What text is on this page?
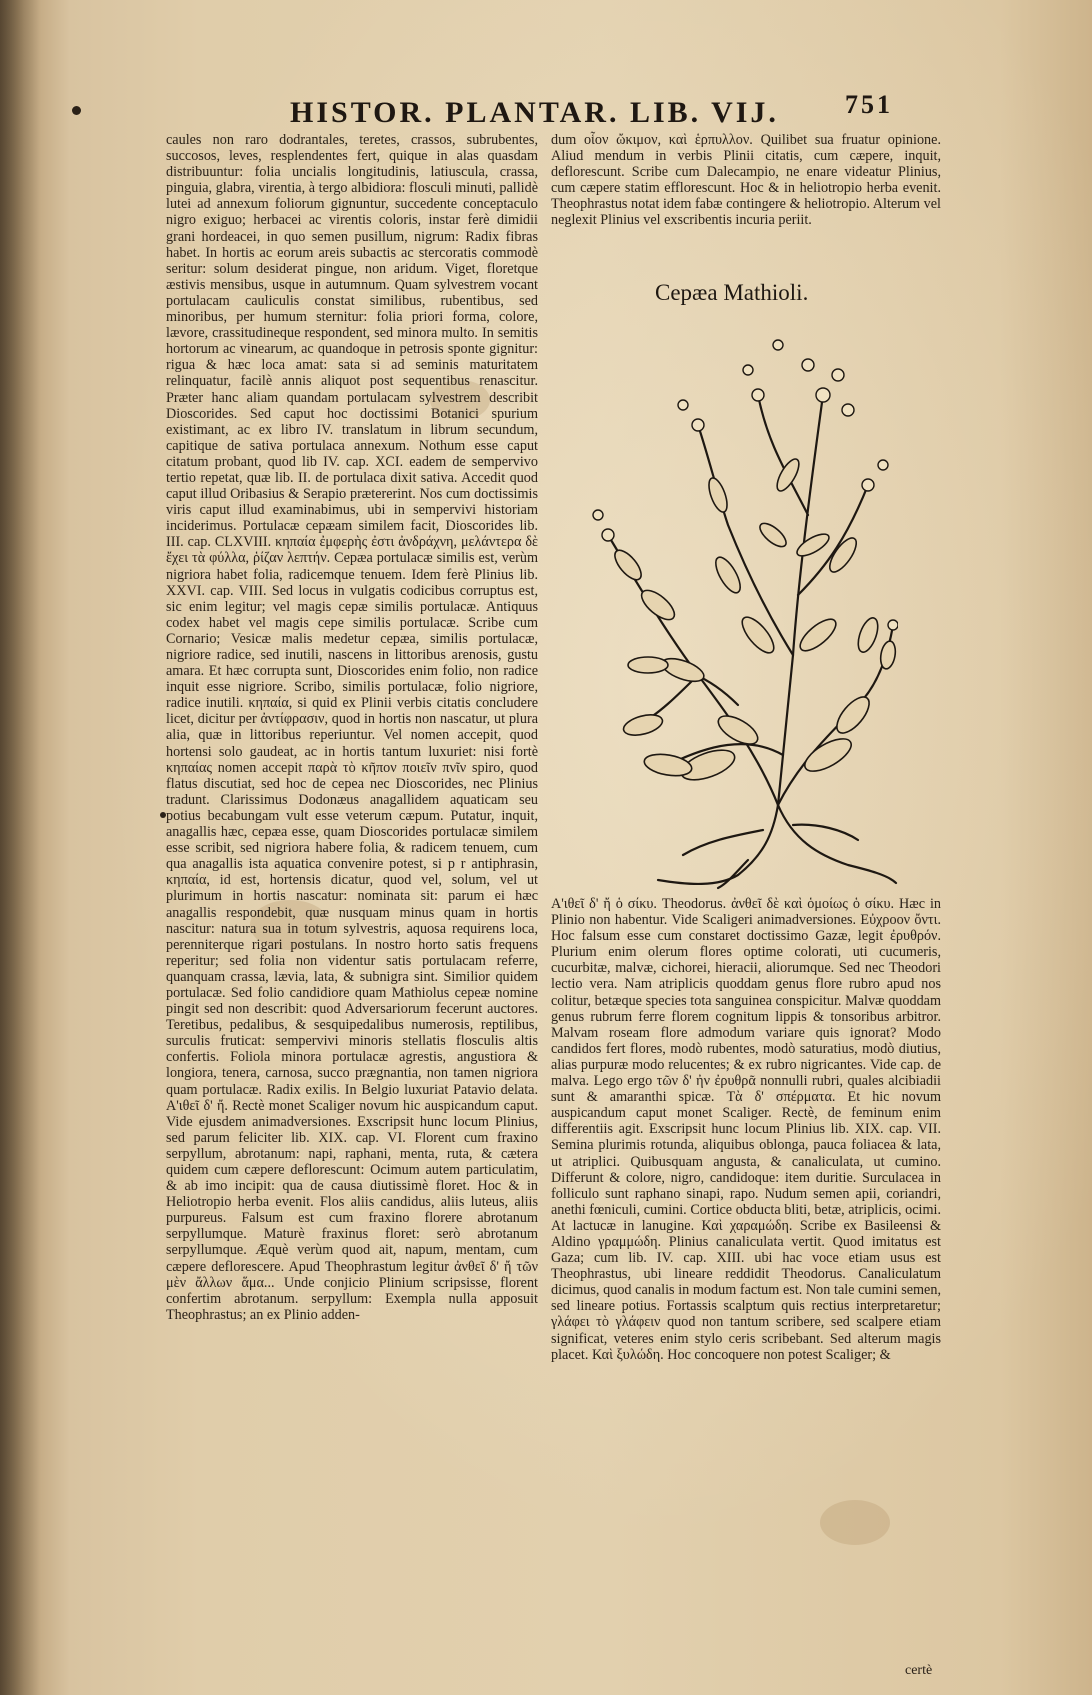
HISTOR. PLANTAR. LIB. VIJ.	751

caules non raro dodrantales, teretes, crassos, subrubentes, succosos, leves, resplendentes fert, quique in alas quasdam distribuuntur: folia uncialis longitudinis, latiuscula, crassa, pinguia, glabra, virentia, à tergo albidiora: flosculi minuti, pallidè lutei ad annexum foliorum gignuntur, succedente conceptaculo nigro exiguo; herbacei ac virentis coloris, instar ferè dimidii grani hordeacei, in quo semen pusillum, nigrum: Radix fibras habet. In hortis ac eorum areis subactis ac stercoratis commodè seritur: solum desiderat pingue, non aridum. Viget, floretque æstivis mensibus, usque in autumnum. Quam sylvestrem vocant portulacam cauliculis constat similibus, rubentibus, sed minoribus, per humum sternitur: folia priori forma, colore, lævore, crassitudineque respondent, sed minora multo. In semitis hortorum ac vinearum, ac quandoque in petrosis sponte gignitur: rigua & hæc loca amat: sata si ad seminis maturitatem relinquatur, facilè annis aliquot post sequentibus renascitur. Præter hanc aliam quandam portulacam sylvestrem describit Dioscorides. Sed caput hoc doctissimi Botanici spurium existimant, ac ex libro IV. translatum in librum secundum, capitique de sativa portulaca annexum. Nothum esse caput citatum probant, quod lib IV. cap. XCI. eadem de sempervivo tertio repetat, quæ lib. II. de portulaca dixit sativa. Accedit quod caput illud Oribasius & Serapio prætererint. Nos cum doctissimis viris caput illud examinabimus, ubi in sempervivi historiam inciderimus. Portulacæ cepæam similem facit, Dioscorides lib. III. cap. CLXVIII. κηπαία ἐμφερὴς ἐστι ἀνδράχνη, μελάντερα δὲ ἔχει τὰ φύλλα, ῥίζαν λεπτήν. Cepæa portulacæ similis est, verùm nigriora habet folia, radicemque tenuem. Idem ferè Plinius lib. XXVI. cap. VIII. Sed locus in vulgatis codicibus corruptus est, sic enim legitur; vel magis cepæ similis portulacæ. Antiquus codex habet vel magis cepe similis portulacæ. Scribe cum Cornario; Vesicæ malis medetur cepæa, similis portulacæ, nigriore radice, sed inutili, nascens in littoribus arenosis, gustu amara. Et hæc corrupta sunt, Dioscorides enim folio, non radice inquit esse nigriore. Scribo, similis portulacæ, folio nigriore, radice inutili. κηπαία, si quid ex Plinii verbis citatis concludere licet, dicitur per ἀντίφρασιν, quod in hortis non nascatur, ut plura alia, quæ in littoribus reperiuntur. Vel nomen accepit, quod hortensi solo gaudeat, ac in hortis tantum luxuriet: nisi fortè κηπαίας nomen accepit παρὰ τὸ κῆπον ποιεῖν πνῖν spiro, quod flatus discutiat, sed hoc de cepea nec Dioscorides, nec Plinius tradunt. Clarissimus Dodonæus anagallidem aquaticam seu potius becabungam vult esse veterum cæpum. Putatur, inquit, anagallis hæc, cepæa esse, quam Dioscorides portulacæ similem esse scribit, sed nigriora habere folia, & radicem tenuem, cum qua anagallis ista aquatica convenire potest, si p r antiphrasin, κηπαία, id est, hortensis dicatur, quod vel, solum, vel ut plurimum in hortis nascatur: nominata sit: parum ei hæc anagallis respondebit, quæ nusquam minus quam in hortis nascitur: natura sua in totum sylvestris, aquosa requirens loca, perenniterque rigari postulans. In nostro horto satis frequens reperitur; sed folia non videntur satis portulacam referre, quanquam crassa, lævia, lata, & subnigra sint. Similior quidem portulacæ. Sed folio candidiore quam Mathiolus cepeæ nomine pingit sed non describit: quod Adversariorum fecerunt auctores. Teretibus, pedalibus, & sesquipedalibus numerosis, reptilibus, surculis fruticat: sempervivi minoris stellatis flosculis altis confertis. Foliola minora portulacæ agrestis, angustiora & longiora, tenera, carnosa, succo prægnantia, non tamen nigriora quam portulacæ. Radix exilis. In Belgio luxuriat Patavio delata. Α'ιθεῖ δ' ἤ. Rectè monet Scaliger novum hic auspicandum caput. Vide ejusdem animadversiones. Exscripsit hunc locum Plinius, sed parum feliciter lib. XIX. cap. VI. Florent cum fraxino serpyllum, abrotanum: napi, raphani, menta, ruta, & cætera quidem cum cæpere deflorescunt: Ocimum autem particulatim, & ab imo incipit: qua de causa diutissimè floret. Hoc & in Heliotropio herba evenit. Flos aliis candidus, aliis luteus, aliis purpureus. Falsum est cum fraxino florere abrotanum serpyllumque. Maturè fraxinus floret: serò abrotanum serpyllumque. Æquè verùm quod ait, napum, mentam, cum cæpere deflorescere. Apud Theophrastum legitur ἀνθεῖ δ' ἤ τῶν μὲν ἄλλων ἅμα... Unde conjicio Plinium scripsisse, florent confertim abrotanum. serpyllum: Exempla nulla apposuit Theophrastus; an ex Plinio adden-

dum οἷον ὤκιμον, καὶ ἑρπυλλον. Quilibet sua fruatur opinione. Aliud mendum in verbis Plinii citatis, cum cæpere, inquit, deflorescunt. Scribe cum Dalecampio, ne enare videatur Plinius, cum cæpere statim efflorescunt. Hoc & in heliotropio herba evenit. Theophrastus notat idem fabæ contingere & heliotropio. Alterum vel neglexit Plinius vel exscribentis incuria periit.

Cepæa Mathioli.

Α'ιθεῖ δ' ἤ ὁ σίκυ. Theodorus. ἀνθεῖ δὲ καὶ ὁμοίως ὁ σίκυ. Hæc in Plinio non habentur. Vide Scaligeri animadversiones. Εὐχροον ὄντι. Hoc falsum esse cum constaret doctissimo Gazæ, legit ἐρυθρόν. Plurium enim olerum flores optime colorati, uti cucumeris, cucurbitæ, malvæ, cichorei, hieracii, aliorumque. Sed nec Theodori lectio vera. Nam atriplicis quoddam genus flore rubro apud nos colitur, betæque species tota sanguinea conspicitur. Malvæ quoddam genus rubrum ferre florem cognitum lippis & tonsoribus arbitror. Malvam roseam flore admodum variare quis ignorat? Modo candidos fert flores, modò rubentes, modò saturatius, modò diutius, alias purpuræ modo relucentes; & ex rubro nigricantes. Vide cap. de malva. Lego ergo τῶν δ' ἠν ἐρυθρᾶ nonnulli rubri, quales alcibiadii sunt & amaranthi spicæ. Τὰ δ' σπέρματα. Et hic novum auspicandum caput monet Scaliger. Rectè, de feminum enim differentiis agit. Exscripsit hunc locum Plinius lib. XIX. cap. VII. Semina plurimis rotunda, aliquibus oblonga, pauca foliacea & lata, ut atriplici. Quibusquam angusta, & canaliculata, ut cumino. Differunt & colore, nigro, candidoque: item duritie. Surculacea in folliculo sunt raphano sinapi, rapo. Nudum semen apii, coriandri, anethi fœniculi, cumini. Cortice obducta bliti, betæ, atriplicis, ocimi. At lactucæ in lanugine. Καὶ χαραμώδη. Scribe ex Basileensi & Aldino γραμμώδη. Plinius canaliculata vertit. Quod imitatus est Gaza; cum lib. IV. cap. XIII. ubi hac voce etiam usus est Theophrastus, ubi lineare reddidit Theodorus. Canaliculatum dicimus, quod canalis in modum factum est. Non tale cumini semen, sed lineare potius. Fortassis scalptum quis rectius interpretaretur; γλάφει τὸ γλάφειν quod non tantum scribere, sed scalpere etiam significat, veteres enim stylo ceris scribebant. Sed alterum magis placet. Καὶ ξυλώδη. Hoc concoquere non potest Scaliger; &

certè
